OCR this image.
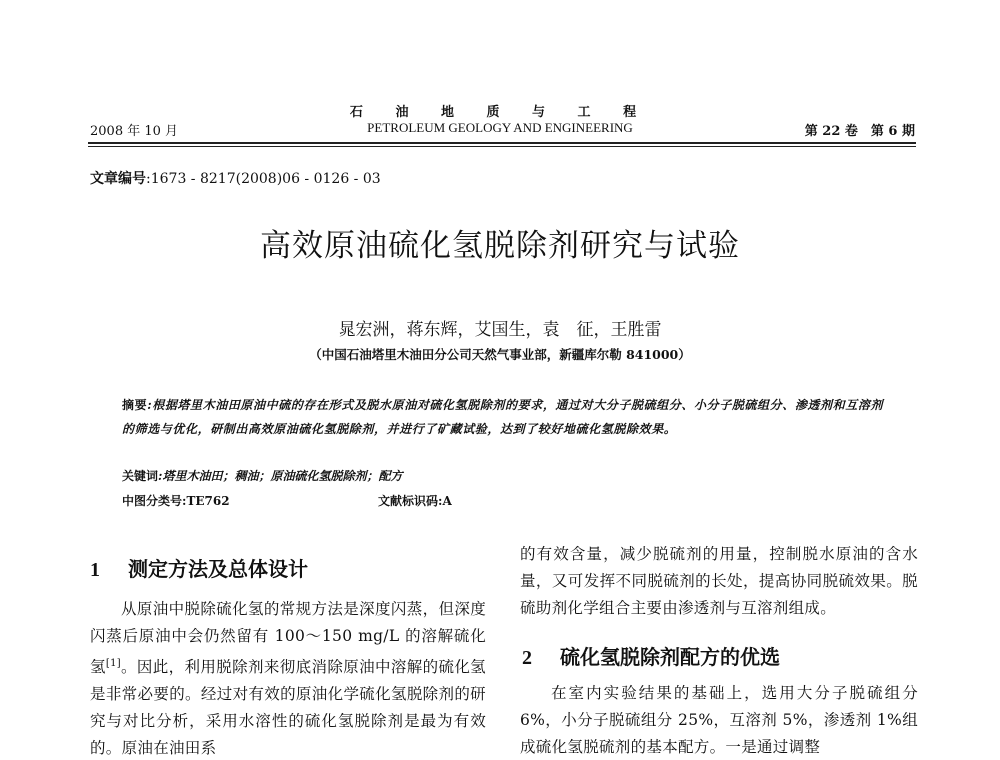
石 油 地 质 与 工 程
2008 年 10 月	PETROLEUM GEOLOGY AND ENGINEERING	第 22 卷　第 6 期
文章编号:1673 - 8217(2008)06 - 0126 - 03
高效原油硫化氢脱除剂研究与试验
晁宏洲，蒋东辉，艾国生，袁　征，王胜雷
（中国石油塔里木油田分公司天然气事业部，新疆库尔勒 841000）
摘要:根据塔里木油田原油中硫的存在形式及脱水原油对硫化氢脱除剂的要求，通过对大分子脱硫组分、小分子脱硫组分、渗透剂和互溶剂的筛选与优化，研制出高效原油硫化氢脱除剂，并进行了矿藏试验，达到了较好地硫化氢脱除效果。
关键词:塔里木油田；稠油；原油硫化氢脱除剂；配方
中图分类号:TE762	文献标识码:A
1 测定方法及总体设计
从原油中脱除硫化氢的常规方法是深度闪蒸，但深度闪蒸后原油中会仍然留有 100～150 mg/L 的溶解硫化氢[1]。因此，利用脱除剂来彻底消除原油中溶解的硫化氢是非常必要的。经过对有效的原油化学硫化氢脱除剂的研究与对比分析，采用水溶性的硫化氢脱除剂是最为有效的。原油在油田系
的有效含量，减少脱硫剂的用量，控制脱水原油的含水量，又可发挥不同脱硫剂的长处，提高协同脱硫效果。脱硫助剂化学组合主要由渗透剂与互溶剂组成。
2 硫化氢脱除剂配方的优选
在室内实验结果的基础上，选用大分子脱硫组分 6%，小分子脱硫组分 25%，互溶剂 5%，渗透剂 1%组成硫化氢脱硫剂的基本配方。一是通过调整
